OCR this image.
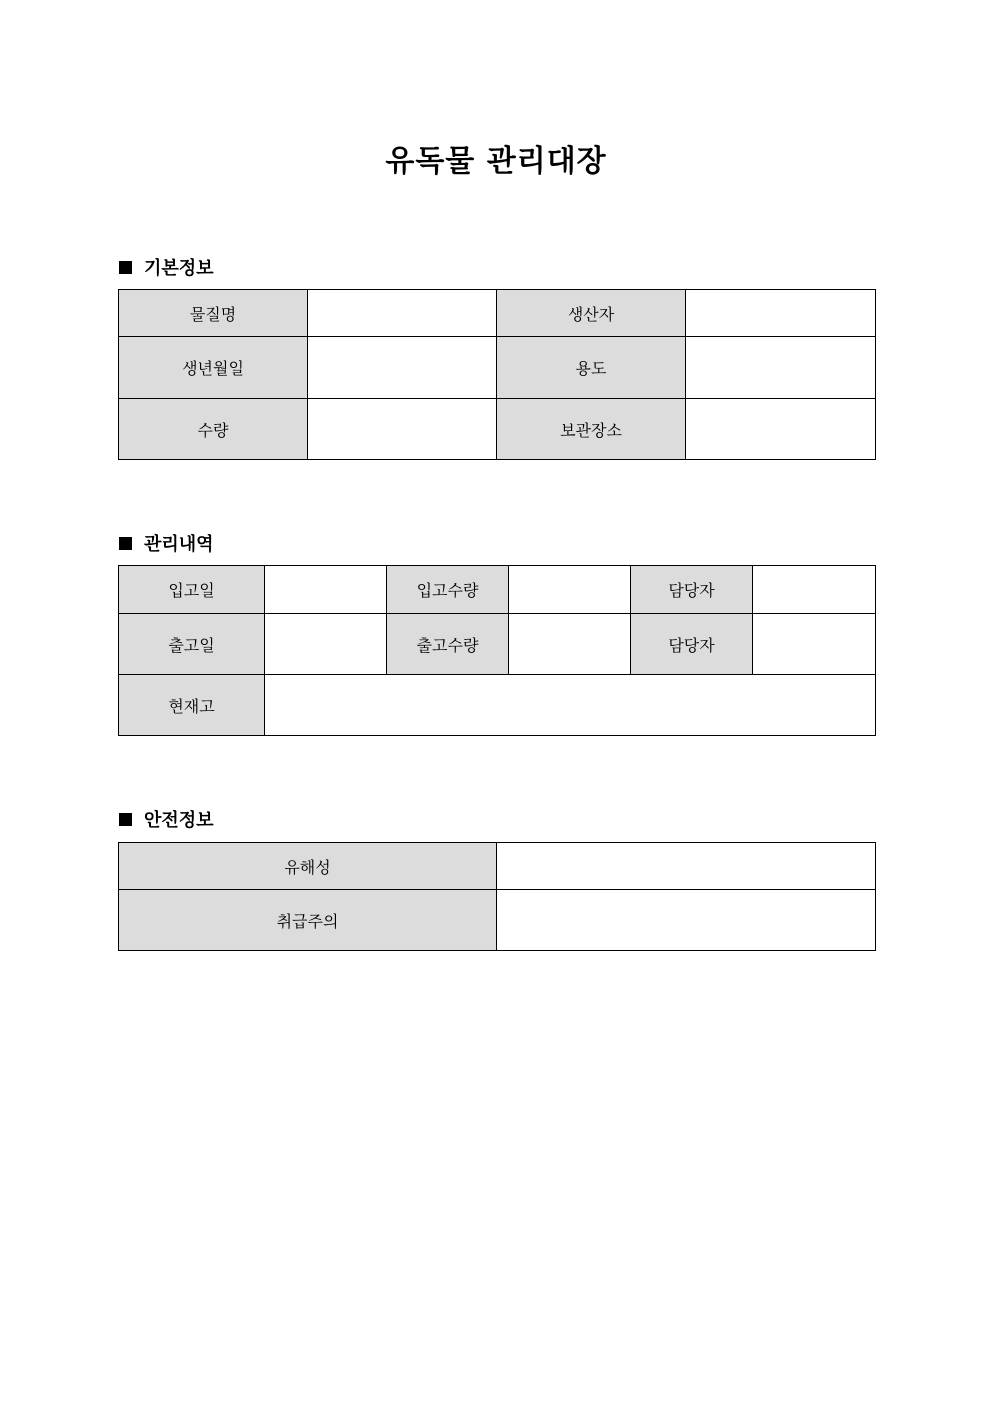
유독물 관리대장
기본정보
물질명		생산자	
생년월일		용도	
수량		보관장소	
관리내역
입고일		입고수량		담당자	
출고일		출고수량		담당자	
현재고					
안전정보
유해성	
취급주의	
